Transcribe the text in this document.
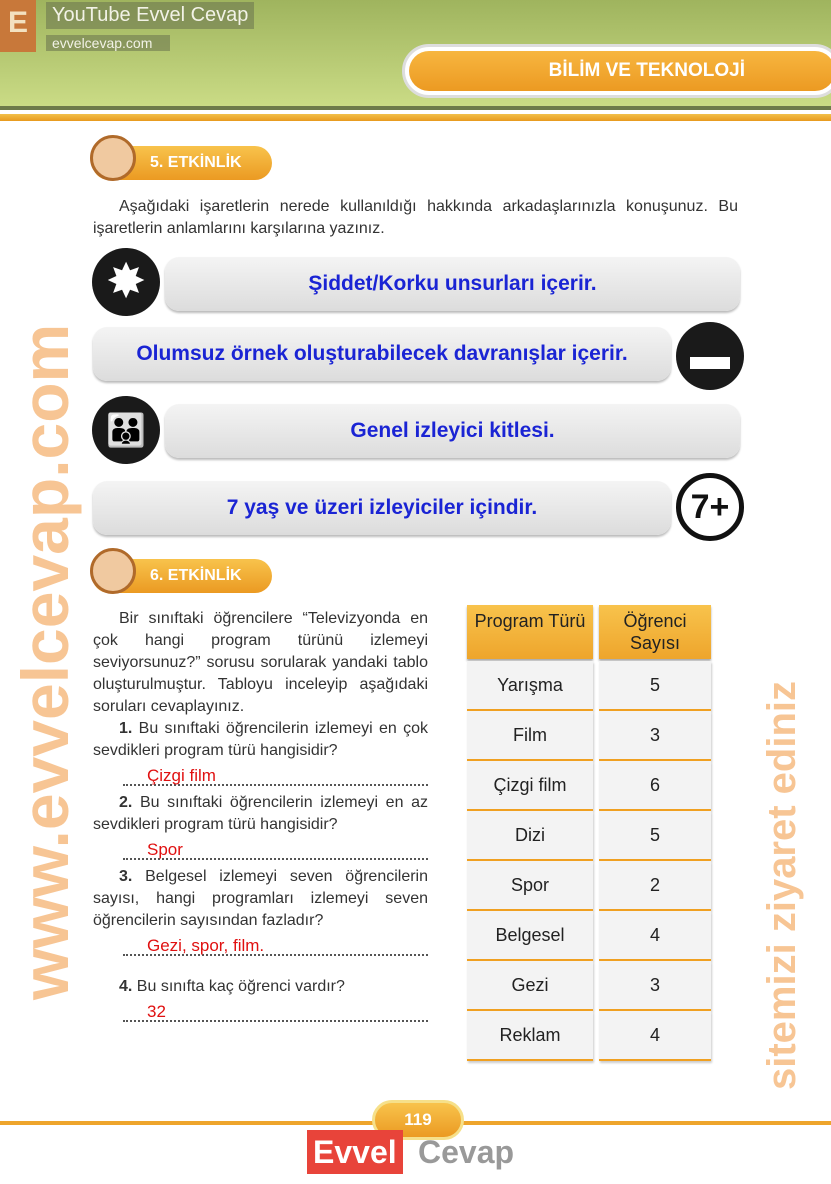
E	YouTube Evvel Cevap
evvelcevap.com
BİLİM VE TEKNOLOJİ
5. ETKİNLİK

Aşağıdaki işaretlerin nerede kullanıldığı hakkında arkadaşlarınızla konuşunuz. Bu işaretlerin anlamlarını karşılarına yazınız.

Şiddet/Korku unsurları içerir.
✸
Olumsuz örnek oluşturabilecek davranışlar içerir.	▬
Genel izleyici kitlesi.
👪
7 yaş ve üzeri izleyiciler içindir.	7+
6. ETKİNLİK

Bir sınıftaki öğrencilere “Televizyonda en çok hangi program türünü izlemeyi seviyorsunuz?” sorusu sorularak yandaki tablo oluşturulmuştur. Tabloyu inceleyip aşağıdaki soruları cevaplayınız.

1. Bu sınıftaki öğrencilerin izlemeyi en çok sevdikleri program türü hangisidir?

Çizgi film

2. Bu sınıftaki öğrencilerin izlemeyi en az sevdikleri program türü hangisidir?

Spor

3. Belgesel izlemeyi seven öğrencilerin sayısı, hangi programları izlemeyi seven öğrencilerin sayısından fazladır?

Gezi, spor, film.

4. Bu sınıfta kaç öğrenci vardır?

32
Program Türü	Öğrenci Sayısı
Yarışma	5
Film	3
Çizgi film	6
Dizi	5
Spor	2
Belgesel	4
Gezi	3
Reklam	4
www.evvelcevap.com	sitemizi ziyaret ediniz
119
Evvel Cevap
